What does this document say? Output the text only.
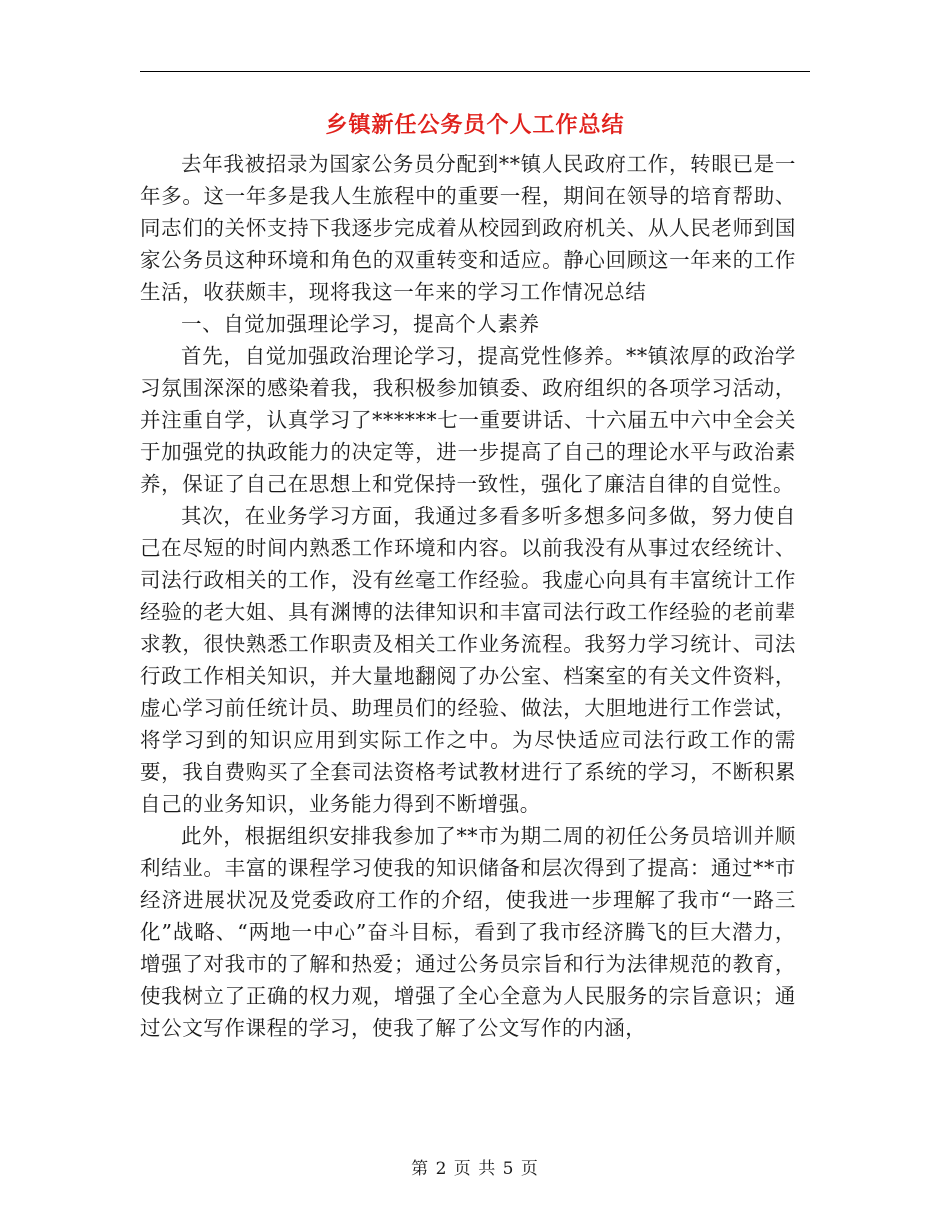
乡镇新任公务员个人工作总结

去年我被招录为国家公务员分配到**镇人民政府工作，转眼已是一年多。这一年多是我人生旅程中的重要一程，期间在领导的培育帮助、同志们的关怀支持下我逐步完成着从校园到政府机关、从人民老师到国家公务员这种环境和角色的双重转变和适应。静心回顾这一年来的工作生活，收获颇丰，现将我这一年来的学习工作情况总结

一、自觉加强理论学习，提高个人素养

首先，自觉加强政治理论学习，提高党性修养。**镇浓厚的政治学习氛围深深的感染着我，我积极参加镇委、政府组织的各项学习活动，并注重自学，认真学习了******七一重要讲话、十六届五中六中全会关于加强党的执政能力的决定等，进一步提高了自己的理论水平与政治素养，保证了自己在思想上和党保持一致性，强化了廉洁自律的自觉性。

其次，在业务学习方面，我通过多看多听多想多问多做，努力使自己在尽短的时间内熟悉工作环境和内容。以前我没有从事过农经统计、司法行政相关的工作，没有丝毫工作经验。我虚心向具有丰富统计工作经验的老大姐、具有渊博的法律知识和丰富司法行政工作经验的老前辈求教，很快熟悉工作职责及相关工作业务流程。我努力学习统计、司法行政工作相关知识，并大量地翻阅了办公室、档案室的有关文件资料，虚心学习前任统计员、助理员们的经验、做法，大胆地进行工作尝试，将学习到的知识应用到实际工作之中。为尽快适应司法行政工作的需要，我自费购买了全套司法资格考试教材进行了系统的学习，不断积累自己的业务知识，业务能力得到不断增强。

此外，根据组织安排我参加了**市为期二周的初任公务员培训并顺利结业。丰富的课程学习使我的知识储备和层次得到了提高：通过**市经济进展状况及党委政府工作的介绍，使我进一步理解了我市“一路三化”战略、“两地一中心”奋斗目标，看到了我市经济腾飞的巨大潜力，增强了对我市的了解和热爱；通过公务员宗旨和行为法律规范的教育，使我树立了正确的权力观，增强了全心全意为人民服务的宗旨意识；通过公文写作课程的学习，使我了解了公文写作的内涵，

第 2 页 共 5 页
